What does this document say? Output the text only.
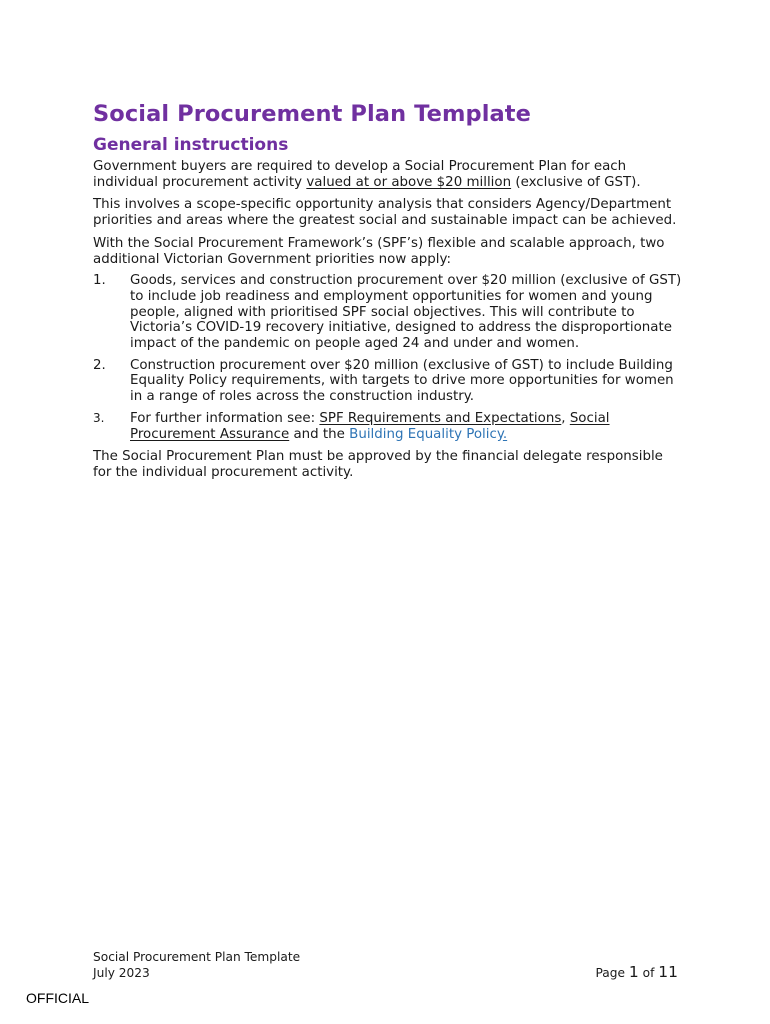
Social Procurement Plan Template
General instructions

Government buyers are required to develop a Social Procurement Plan for each individual procurement activity valued at or above $20 million (exclusive of GST).

This involves a scope-specific opportunity analysis that considers Agency/Department priorities and areas where the greatest social and sustainable impact can be achieved.

With the Social Procurement Framework’s (SPF’s) flexible and scalable approach, two additional Victorian Government priorities now apply:

1. Goods, services and construction procurement over $20 million (exclusive of GST) to include job readiness and employment opportunities for women and young people, aligned with prioritised SPF social objectives. This will contribute to Victoria’s COVID-19 recovery initiative, designed to address the disproportionate impact of the pandemic on people aged 24 and under and women.
2. Construction procurement over $20 million (exclusive of GST) to include Building Equality Policy requirements, with targets to drive more opportunities for women in a range of roles across the construction industry.
3. For further information see: SPF Requirements and Expectations, Social Procurement Assurance and the Building Equality Policy.

The Social Procurement Plan must be approved by the financial delegate responsible for the individual procurement activity.

Social Procurement Plan Template
July 2023	Page 1 of 11
OFFICIAL
